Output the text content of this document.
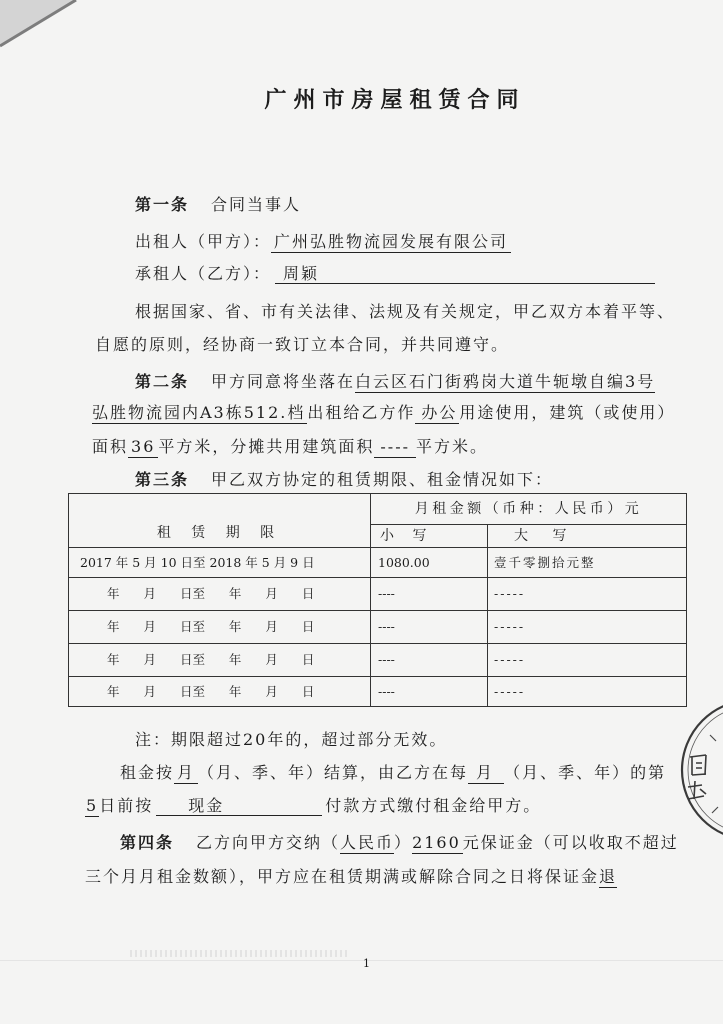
广州市房屋租赁合同
第一条 合同当事人
出租人（甲方）： 广州弘胜物流园发展有限公司
承租人（乙方）： 周颖
根据国家、省、市有关法律、法规及有关规定，甲乙双方本着平等、
自愿的原则，经协商一致订立本合同，并共同遵守。
第二条 甲方同意将坐落在白云区石门街鸦岗大道牛轭墩自编3号
弘胜物流园内A3栋512.档 出租给乙方作 办公 用途使用，建筑（或使用）
面积 36 平方米，分摊共用建筑面积 ---- 平方米。
第三条 甲乙双方协定的租赁期限、租金情况如下：
租 赁 期 限	月租金额（币种：人民币）元	
	小 写	大 写
2017 年 5 月 10 日至 2018 年 5 月 9 日	1080.00	壹千零捌拾元整
年 月 日至 年 月 日	----	-----
年 月 日至 年 月 日	----	-----
年 月 日至 年 月 日	----	-----
年 月 日至 年 月 日	----	-----
注：期限超过20年的，超过部分无效。
租金按 月 （月、季、年）结算，由乙方在每 月 （月、季、年）的第
5日前按 现金	付款方式缴付租金给甲方。
第四条 乙方向甲方交纳（人民币）2160 元保证金（可以收取不超过
三个月月租金数额），甲方应在租赁期满或解除合同之日将保证金退
1
